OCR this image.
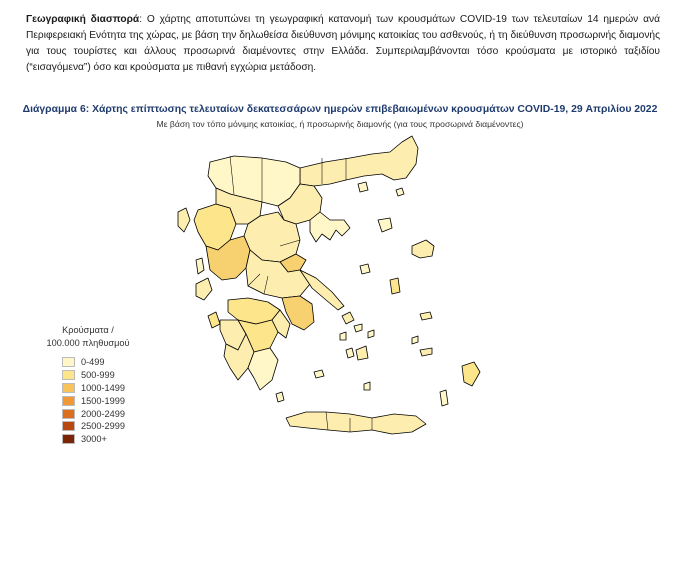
Γεωγραφική διασπορά: Ο χάρτης αποτυπώνει τη γεωγραφική κατανομή των κρουσμάτων COVID-19 των τελευταίων 14 ημερών ανά Περιφερειακή Ενότητα της χώρας, με βάση την δηλωθείσα διεύθυνση μόνιμης κατοικίας του ασθενούς, ή τη διεύθυνση προσωρινής διαμονής για τους τουρίστες και άλλους προσωρινά διαμένοντες στην Ελλάδα. Συμπεριλαμβάνονται τόσο κρούσματα με ιστορικό ταξιδίου (“εισαγόμενα”) όσο και κρούσματα με πιθανή εγχώρια μετάδοση.
Διάγραμμα 6: Χάρτης επίπτωσης τελευταίων δεκατεσσάρων ημερών επιβεβαιωμένων κρουσμάτων COVID-19, 29 Απριλίου 2022
Με βάση τον τόπο μόνιμης κατοικίας, ή προσωρινής διαμονής (για τους προσωρινά διαμένοντες)
Κρούσματα /
100.000 πληθυσμού
0-499
500-999
1000-1499
1500-1999
2000-2499
2500-2999
3000+
